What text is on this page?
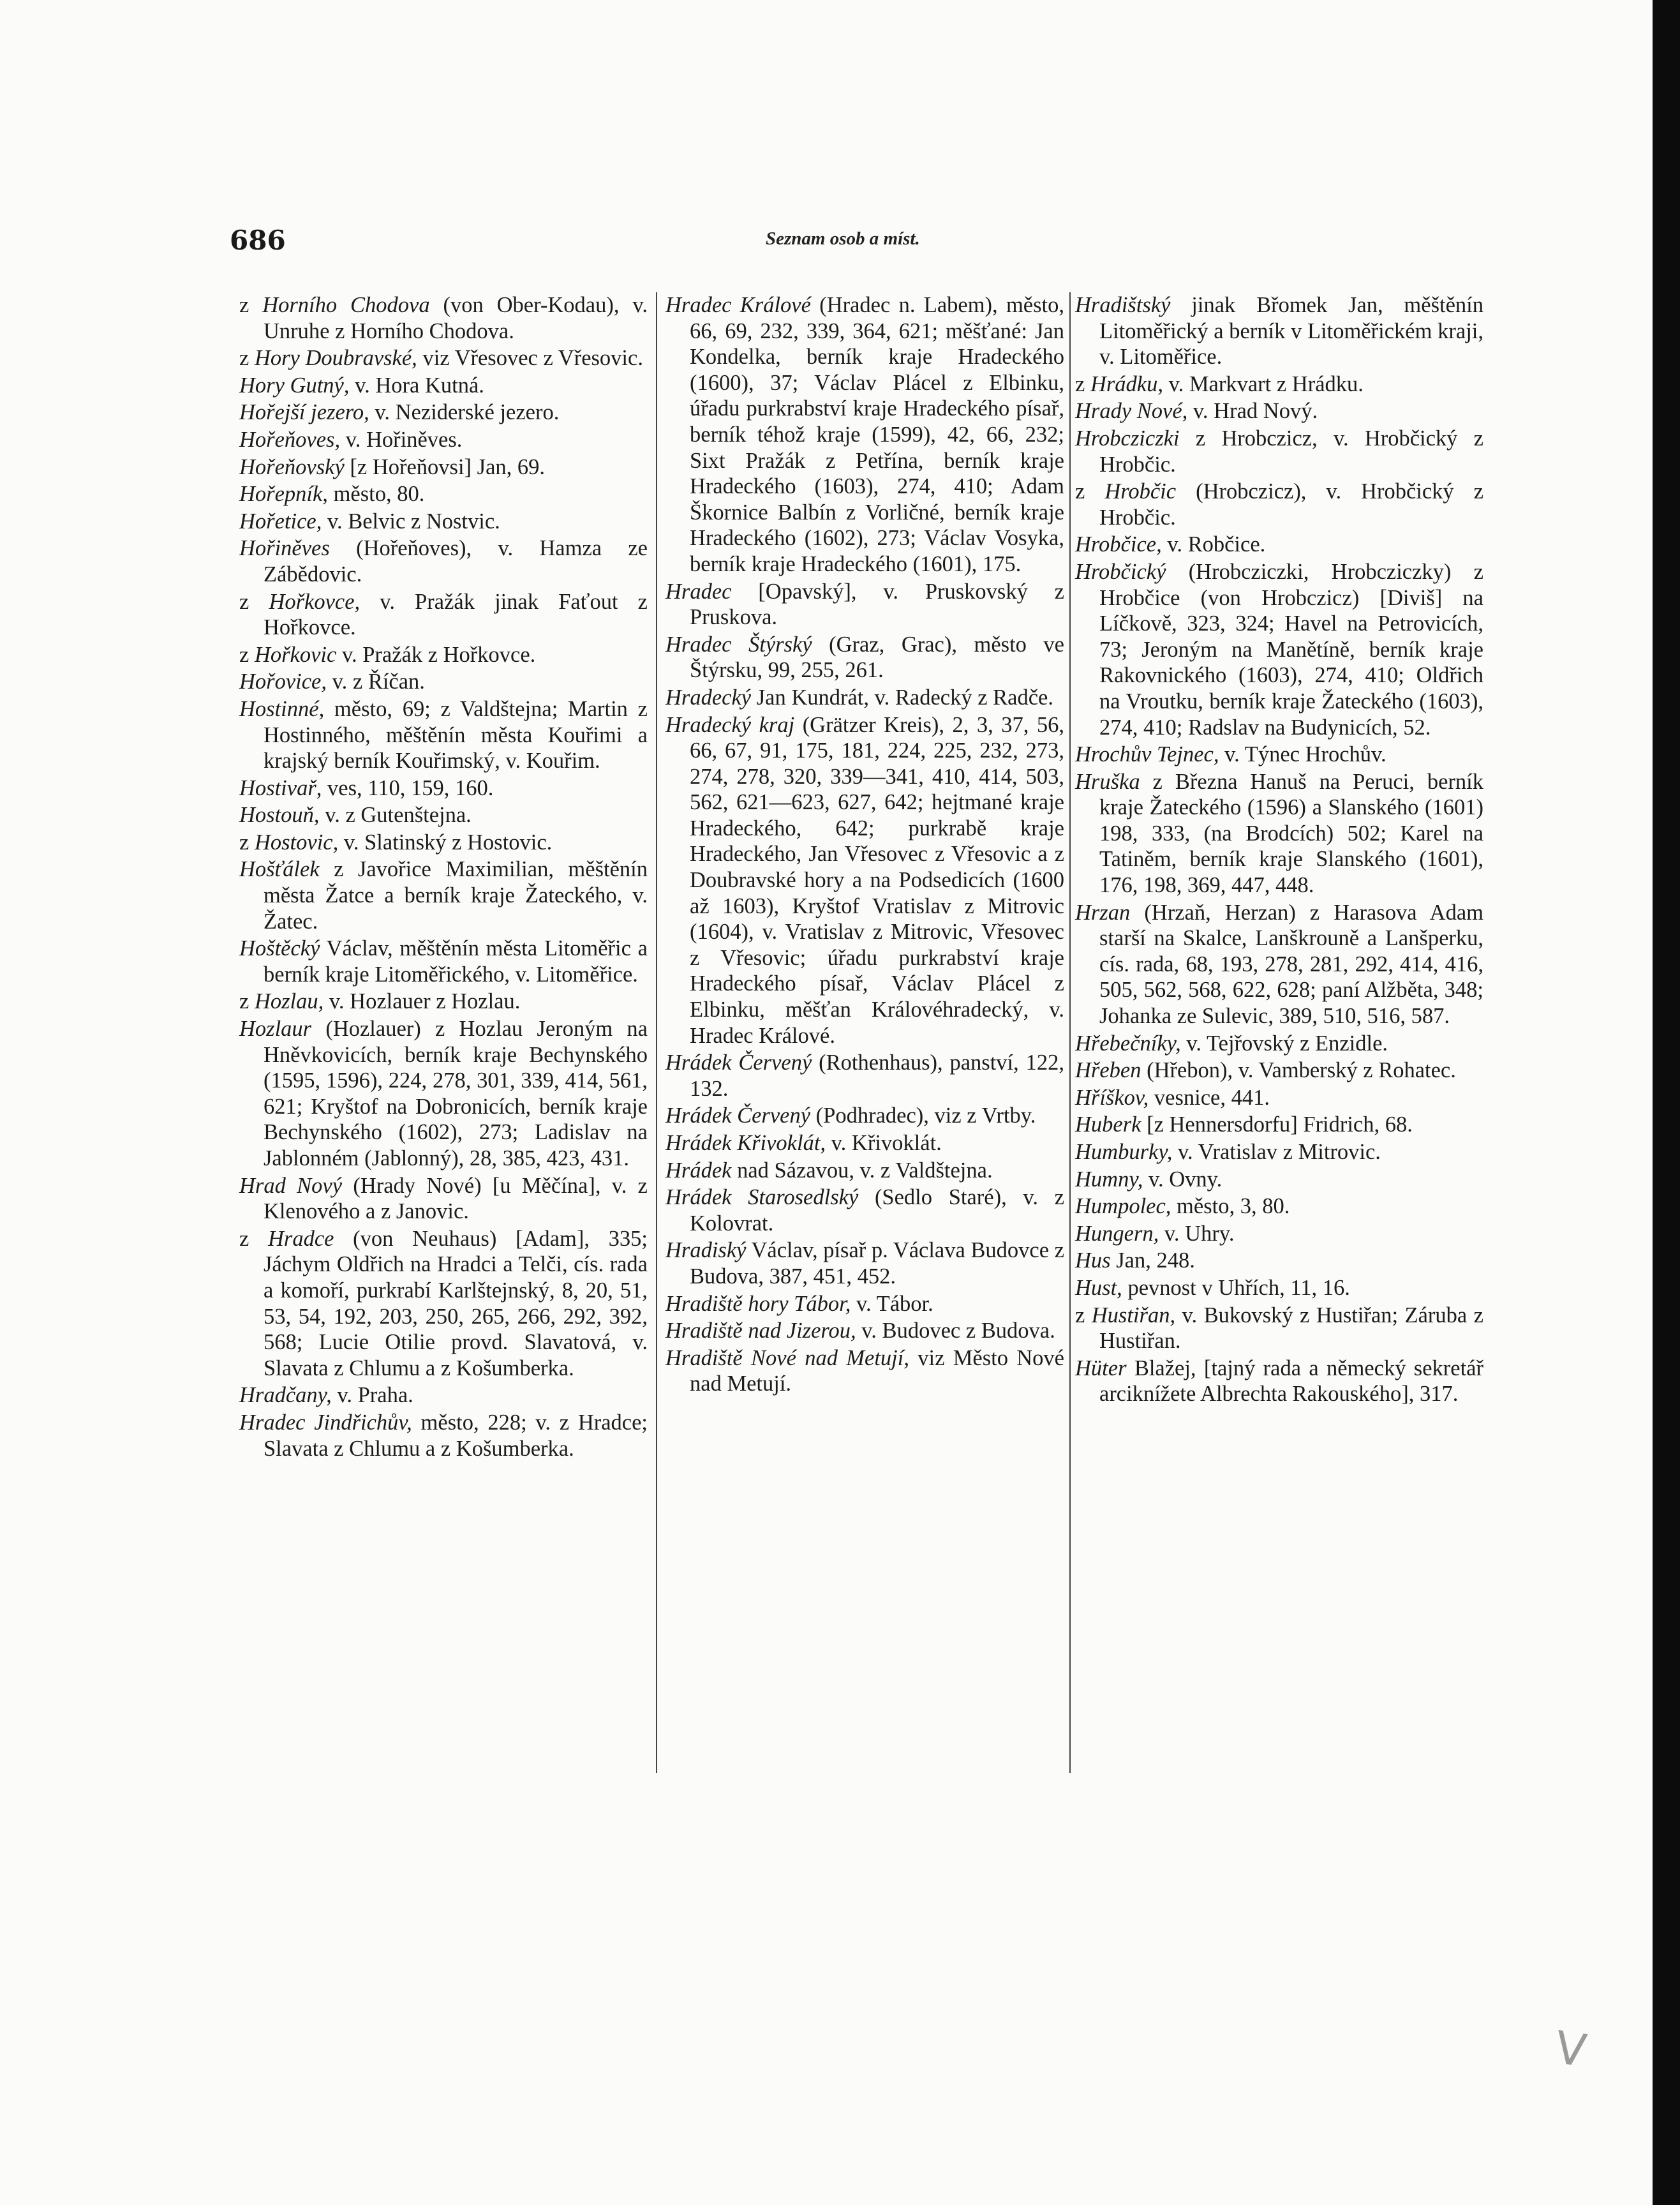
686	Seznam osob a míst.

z Horního Chodova (von Ober-Kodau), v. Unruhe z Horního Chodova.

z Hory Doubravské, viz Vřesovec z Vřesovic.

Hory Gutný, v. Hora Kutná.

Hořejší jezero, v. Neziderské jezero.

Hořeňoves, v. Hořiněves.

Hořeňovský [z Hořeňovsi] Jan, 69.

Hořepník, město, 80.

Hořetice, v. Belvic z Nostvic.

Hořiněves (Hořeňoves), v. Hamza ze Zábědovic.

z Hořkovce, v. Pražák jinak Faťout z Hořkovce.

z Hořkovic v. Pražák z Hořkovce.

Hořovice, v. z Říčan.

Hostinné, město, 69; z Valdštejna; Martin z Hostinného, měštěnín města Kouřimi a krajský berník Kouřimský, v. Kouřim.

Hostivař, ves, 110, 159, 160.

Hostouň, v. z Gutenštejna.

z Hostovic, v. Slatinský z Hostovic.

Hošťálek z Javořice Maximilian, měštěnín města Žatce a berník kraje Žateckého, v. Žatec.

Hoštěcký Václav, měštěnín města Litoměřic a berník kraje Litoměřického, v. Litoměřice.

z Hozlau, v. Hozlauer z Hozlau.

Hozlaur (Hozlauer) z Hozlau Jeroným na Hněvkovicích, berník kraje Bechynského (1595, 1596), 224, 278, 301, 339, 414, 561, 621; Kryštof na Dobronicích, berník kraje Bechynského (1602), 273; Ladislav na Jablonném (Jablonný), 28, 385, 423, 431.

Hrad Nový (Hrady Nové) [u Měčína], v. z Klenového a z Janovic.

z Hradce (von Neuhaus) [Adam], 335; Jáchym Oldřich na Hradci a Telči, cís. rada a komoří, purkrabí Karlštejnský, 8, 20, 51, 53, 54, 192, 203, 250, 265, 266, 292, 392, 568; Lucie Otilie provd. Slavatová, v. Slavata z Chlumu a z Košumberka.

Hradčany, v. Praha.

Hradec Jindřichův, město, 228; v. z Hradce; Slavata z Chlumu a z Košumberka.

Hradec Králové (Hradec n. Labem), město, 66, 69, 232, 339, 364, 621; měšťané: Jan Kondelka, berník kraje Hradeckého (1600), 37; Václav Plácel z Elbinku, úřadu purkrabství kraje Hradeckého písař, berník téhož kraje (1599), 42, 66, 232; Sixt Pražák z Petřína, berník kraje Hradeckého (1603), 274, 410; Adam Škornice Balbín z Vorličné, berník kraje Hradeckého (1602), 273; Václav Vosyka, berník kraje Hradeckého (1601), 175.

Hradec [Opavský], v. Pruskovský z Pruskova.

Hradec Štýrský (Graz, Grac), město ve Štýrsku, 99, 255, 261.

Hradecký Jan Kundrát, v. Radecký z Radče.

Hradecký kraj (Grätzer Kreis), 2, 3, 37, 56, 66, 67, 91, 175, 181, 224, 225, 232, 273, 274, 278, 320, 339—341, 410, 414, 503, 562, 621—623, 627, 642; hejtmané kraje Hradeckého, 642; purkrabě kraje Hradeckého, Jan Vřesovec z Vřesovic a z Doubravské hory a na Podsedicích (1600 až 1603), Kryštof Vratislav z Mitrovic (1604), v. Vratislav z Mitrovic, Vřesovec z Vřesovic; úřadu purkrabství kraje Hradeckého písař, Václav Plácel z Elbinku, měšťan Královéhradecký, v. Hradec Králové.

Hrádek Červený (Rothenhaus), panství, 122, 132.

Hrádek Červený (Podhradec), viz z Vrtby.

Hrádek Křivoklát, v. Křivoklát.

Hrádek nad Sázavou, v. z Valdštejna.

Hrádek Starosedlský (Sedlo Staré), v. z Kolovrat.

Hradiský Václav, písař p. Václava Budovce z Budova, 387, 451, 452.

Hradiště hory Tábor, v. Tábor.

Hradiště nad Jizerou, v. Budovec z Budova.

Hradiště Nové nad Metují, viz Město Nové nad Metují.

Hradištský jinak Břomek Jan, měštěnín Litoměřický a berník v Litoměřickém kraji, v. Litoměřice.

z Hrádku, v. Markvart z Hrádku.

Hrady Nové, v. Hrad Nový.

Hrobcziczki z Hrobczicz, v. Hrobčický z Hrobčic.

z Hrobčic (Hrobczicz), v. Hrobčický z Hrobčic.

Hrobčice, v. Robčice.

Hrobčický (Hrobcziczki, Hrobcziczky) z Hrobčice (von Hrobczicz) [Diviš] na Líčkově, 323, 324; Havel na Petrovicích, 73; Jeroným na Manětíně, berník kraje Rakovnického (1603), 274, 410; Oldřich na Vroutku, berník kraje Žateckého (1603), 274, 410; Radslav na Budynicích, 52.

Hrochův Tejnec, v. Týnec Hrochův.

Hruška z Března Hanuš na Peruci, berník kraje Žateckého (1596) a Slanského (1601) 198, 333, (na Brodcích) 502; Karel na Tatiněm, berník kraje Slanského (1601), 176, 198, 369, 447, 448.

Hrzan (Hrzaň, Herzan) z Harasova Adam starší na Skalce, Lanškrouně a Lanšperku, cís. rada, 68, 193, 278, 281, 292, 414, 416, 505, 562, 568, 622, 628; paní Alžběta, 348; Johanka ze Sulevic, 389, 510, 516, 587.

Hřebečníky, v. Tejřovský z Enzidle.

Hřeben (Hřebon), v. Vamberský z Rohatec.

Hříškov, vesnice, 441.

Huberk [z Hennersdorfu] Fridrich, 68.

Humburky, v. Vratislav z Mitrovic.

Humny, v. Ovny.

Humpolec, město, 3, 80.

Hungern, v. Uhry.

Hus Jan, 248.

Hust, pevnost v Uhřích, 11, 16.

z Hustiřan, v. Bukovský z Hustiřan; Záruba z Hustiřan.

Hüter Blažej, [tajný rada a německý sekretář arciknížete Albrechta Rakouského], 317.

V
